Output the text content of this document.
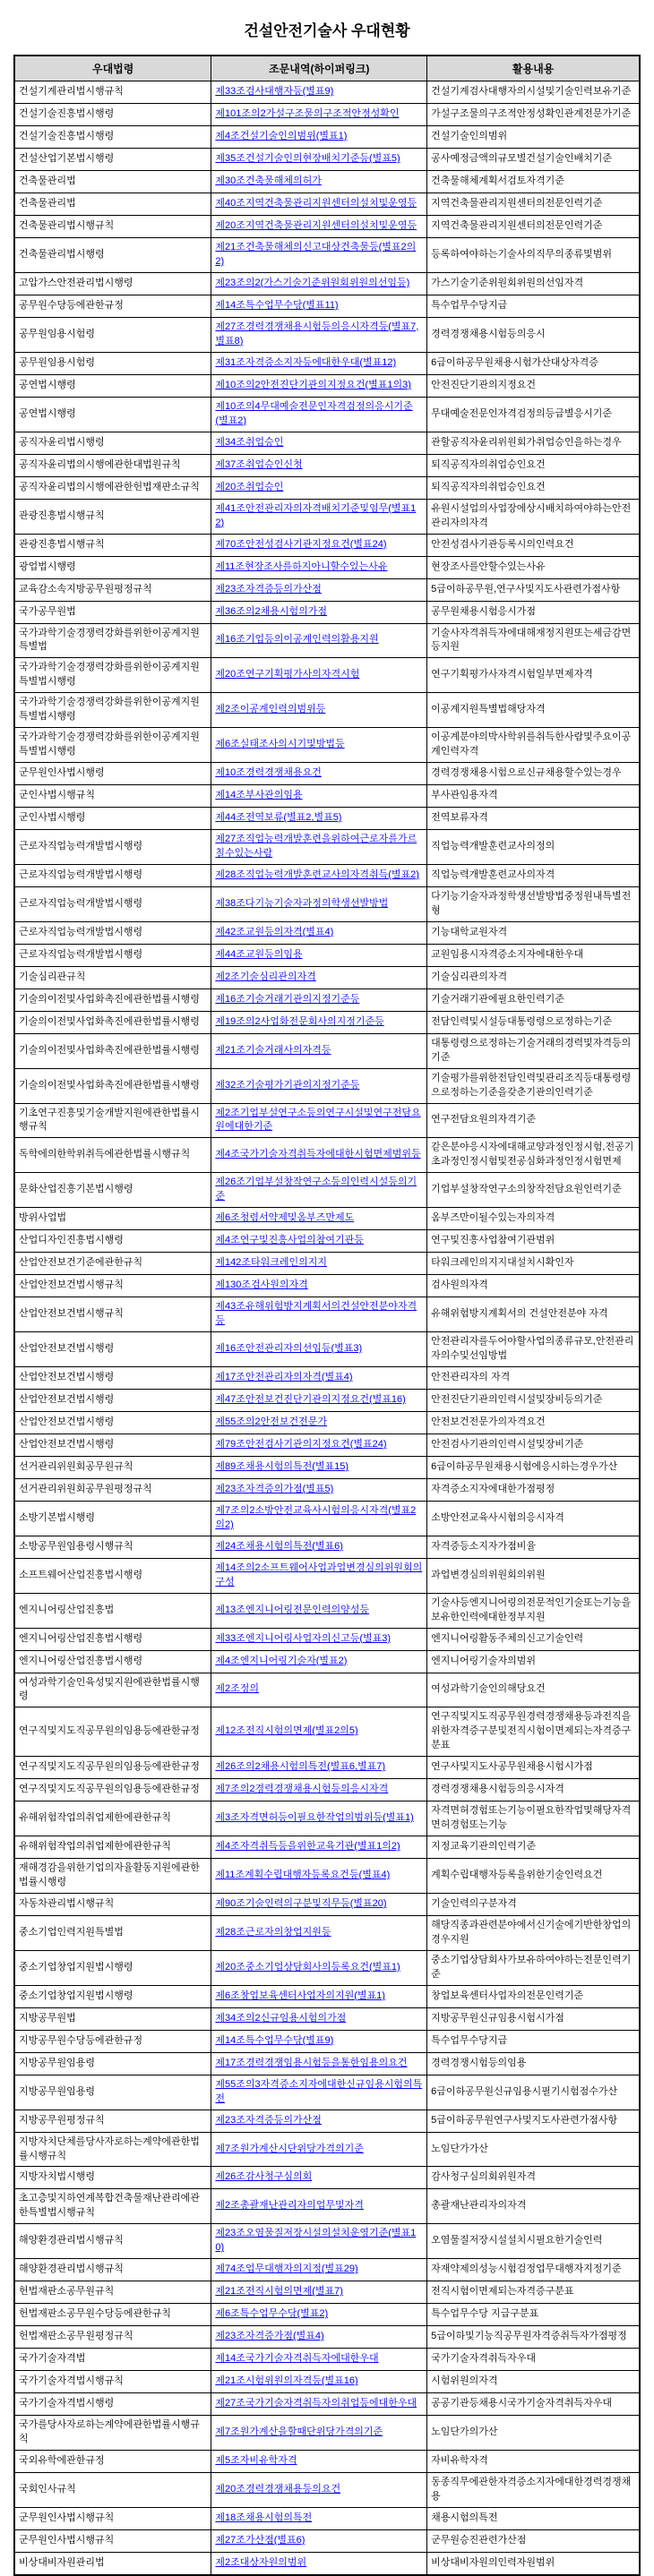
건설안전기술사 우대현황
우대법령	조문내역(하이퍼링크)	활용내용
건설기계관리법시행규칙	제33조검사대행자등(별표9)	건설기계검사대행자의시설및기술인력보유기준
건설기술진흥법시행령	제101조의2가설구조물의구조적안정성확인	가설구조물의구조적안정성확인관계전문가기준
건설기술진흥법시행령	제4조건설기술인의범위(별표1)	건설기술인의범위
건설산업기본법시행령	제35조건설기술인의현장배치기준등(별표5)	공사예정금액의규모별건설기술인배치기준
건축물관리법	제30조건축물해체의허가	건축물해체계획서검토자격기준
건축물관리법	제40조지역건축물관리지원센터의설치및운영등	지역건축물관리지원센터의전문인력기준
건축물관리법시행규칙	제20조지역건축물관리지원센터의설치및운영등	지역건축물관리지원센터의전문인력기준
건축물관리법시행령	제21조건축물해체의신고대상건축물등(별표2의2)	등록하여야하는기술사의직무의종류및범위
고압가스안전관리법시행령	제23조의2(가스기술기준위원회위원의선임등)	가스기술기준위원회위원의선임자격
공무원수당등에관한규정	제14조특수업무수당(별표11)	특수업무수당지급
공무원임용시험령	제27조경력경쟁채용시험등의응시자격등(별표7,별표8)	경력경쟁채용시험등의응시
공무원임용시험령	제31조자격증소지자등에대한우대(별표12)	6급이하공무원채용시험가산대상자격증
공연법시행령	제10조의2안전진단기관의지정요건(별표1의3)	안전진단기관의지정요건
공연법시행령	제10조의4무대예술전문인자격검정의응시기준(별표2)	무대예술전문인자격검정의등급별응시기준
공직자윤리법시행령	제34조취업승인	관할공직자윤리위원회가취업승인을하는경우
공직자윤리법의시행에관한대법원규칙	제37조취업승인신청	퇴직공직자의취업승인요건
공직자윤리법의시행에관한헌법재판소규칙	제20조취업승인	퇴직공직자의취업승인요건
관광진흥법시행규칙	제41조안전관리자의자격배치기준및임무(별표12)	유원시설업의사업장에상시배치하여야하는안전관리자의자격
관광진흥법시행규칙	제70조안전성검사기관지정요건(별표24)	안전성검사기관등록시의인력요건
광업법시행령	제11조현장조사를하지아니할수있는사유	현장조사를안할수있는사유
교육감소속지방공무원평정규칙	제23조자격증등의가산점	5급이하공무원,연구사및지도사관련가점사항
국가공무원법	제36조의2채용시험의가점	공무원채용시험응시가점
국가과학기술경쟁력강화를위한이공계지원특별법	제16조기업등의이공계인력의활용지원	기술사자격취득자에대해재정지원또는세금감면등지원
국가과학기술경쟁력강화를위한이공계지원특별법시행령	제20조연구기획평가사의자격시험	연구기획평가사자격시험일부면제자격
국가과학기술경쟁력강화를위한이공계지원특별법시행령	제2조이공계인력의범위등	이공계지원특별법해당자격
국가과학기술경쟁력강화를위한이공계지원특별법시행령	제6조실태조사의시기및방법등	이공계분야의박사학위를취득한사람및주요이공계인력자격
군무원인사법시행령	제10조경력경쟁채용요건	경력경쟁채용시험으로신규채용할수있는경우
군인사법시행규칙	제14조부사관의임용	부사관임용자격
군인사법시행령	제44조전역보류(별표2,별표5)	전역보류자격
근로자직업능력개발법시행령	제27조직업능력개발훈련을위하여근로자를가르칠수있는사람	직업능력개발훈련교사의정의
근로자직업능력개발법시행령	제28조직업능력개발훈련교사의자격취득(별표2)	직업능력개발훈련교사의자격
근로자직업능력개발법시행령	제38조다기능기술자과정의학생선발방법	다기능기술자과정학생선발방법중정원내특별전형
근로자직업능력개발법시행령	제42조교원등의자격(별표4)	기능대학교원자격
근로자직업능력개발법시행령	제44조교원등의임용	교원임용시자격증소지자에대한우대
기술심리관규칙	제2조기술심리관의자격	기술심리관의자격
기술의이전및사업화촉진에관한법률시행령	제16조기술거래기관의지정기준등	기술거래기관에필요한인력기준
기술의이전및사업화촉진에관한법률시행령	제19조의2사업화전문회사의지정기준등	전담인력및시설등대통령령으로정하는기준
기술의이전및사업화촉진에관한법률시행령	제21조기술거래사의자격등	대통령령으로정하는기술거래의경력및자격등의기준
기술의이전및사업화촉진에관한법률시행령	제32조기술평가기관의지정기준등	기술평가를위한전담인력및관리조직등대통령령으로정하는기준을갖춘기관의인력기준
기초연구진흥및기술개발지원에관한법률시행규칙	제2조기업부설연구소등의연구시설및연구전담요원에대한기준	연구전담요원의자격기준
독학에의한학위취득에관한법률시행규칙	제4조국가기술자격취득자에대한시험면제범위등	같은분야응시자에대해교양과정인정시험,전공기초과정인정시험및전공심화과정인정시험면제
문화산업진흥기본법시행령	제26조기업부설창작연구소등의인력시설등의기준	기업부설창작연구소의창작전담요원인력기준
방위사업법	제6조청렴서약제및옴부즈만제도	옴부즈만이될수있는자의자격
산업디자인진흥법시행령	제4조연구및진흥사업의참여기관등	연구및진흥사업참여기관범위
산업안전보건기준에관한규칙	제142조타워크레인의지지	타워크레인의지지대설치시확인자
산업안전보건법시행규칙	제130조검사원의자격	검사원의자격
산업안전보건법시행규칙	제43조유해위험방지계획서의건설안전분야자격등	유해위험방지계획서의 건설안전분야 자격
산업안전보건법시행령	제16조안전관리자의선임등(별표3)	안전관리자를두어야할사업의종류규모,안전관리자의수및선임방법
산업안전보건법시행령	제17조안전관리자의자격(별표4)	안전관리자의 자격
산업안전보건법시행령	제47조안전보건진단기관의지정요건(별표16)	안전진단기관의인력시설및장비등의기준
산업안전보건법시행령	제55조의2안전보건전문가	안전보건전문가의자격요건
산업안전보건법시행령	제79조안전검사기관의지정요건(별표24)	안전검사기관의인력시설및장비기준
선거관리위원회공무원규칙	제89조채용시험의특전(별표15)	6급이하공무원채용시험에응시하는경우가산
선거관리위원회공무원평정규칙	제23조자격증의가점(별표5)	자격증소지자에대한가점평정
소방기본법시행령	제7조의2소방안전교육사시험의응시자격(별표2의2)	소방안전교육사시험의응시자격
소방공무원임용령시행규칙	제24조채용시험의특전(별표6)	자격증등소지자가점비율
소프트웨어산업진흥법시행령	제14조의2소프트웨어사업과업변경심의위원회의구성	과업변경심의위원회의위원
엔지니어링산업진흥법	제13조엔지니어링전문인력의양성등	기술사등엔지니어링의전문적인기술또는기능을보유한인력에대한정부지원
엔지니어링산업진흥법시행령	제33조엔지니어링사업자의신고등(별표3)	엔지니어링활동주체의신고기술인력
엔지니어링산업진흥법시행령	제4조엔지니어링기술자(별표2)	엔지니어링기술자의범위
여성과학기술인육성및지원에관한법률시행령	제2조정의	여성과학기술인의해당요건
연구직및지도직공무원의임용등에관한규정	제12조전직시험의면제(별표2의5)	연구직및지도직공무원경력경쟁채용등과전직을위한자격증구분및전직시험이면제되는자격증구분표
연구직및지도직공무원의임용등에관한규정	제26조의2채용시험의특전(별표6,별표7)	연구사및지도사공무원채용시험시가점
연구직및지도직공무원의임용등에관한규정	제7조의2경력경쟁채용시험등의응시자격	경력경쟁채용시험등의응시자격
유해위험작업의취업제한에관한규칙	제3조자격면허등이필요한작업의범위등(별표1)	자격면허경험또는기능이필요한작업및해당자격면허경험또는기능
유해위험작업의취업제한에관한규칙	제4조자격취득등을위한교육기관(별표1의2)	지정교육기관의인력기준
재해경감을위한기업의자율활동지원에관한법률시행령	제11조계획수립대행자등록요건등(별표4)	계획수립대행자등록을위한기술인력요건
자동차관리법시행규칙	제90조기술인력의구분및직무등(별표20)	기술인력의구분자격
중소기업인력지원특별법	제28조근로자의창업지원등	해당직종과관련분야에서신기술에기반한창업의경우지원
중소기업창업지원법시행령	제20조중소기업상담회사의등록요건(별표1)	중소기업상담회사가보유하여야하는전문인력기준
중소기업창업지원법시행령	제6조창업보육센터사업자의지원(별표1)	창업보육센터사업자의전문인력기준
지방공무원법	제34조의2신규임용시험의가점	지방공무원신규임용시험시가점
지방공무원수당등에관한규정	제14조특수업무수당(별표9)	특수업무수당지급
지방공무원임용령	제17조경력경쟁임용시험등을통한임용의요건	경력경쟁시험등의임용
지방공무원임용령	제55조의3자격증소지자에대한신규임용시험의특전	6급이하공무원신규임용시필기시험점수가산
지방공무원평정규칙	제23조자격증등의가산점	5급이하공무원연구사및지도사관련가점사항
지방자치단체를당사자로하는계약에관한법률시행규칙	제7조원가계산시단위당가격의기준	노임단가가산
지방자치법시행령	제26조감사청구심의회	감사청구심의회위원자격
초고층및지하연계복합건축물재난관리에관한특별법시행규칙	제2조총괄재난관리자의업무및자격	총괄재난관리자의자격
해양환경관리법시행규칙	제23조오염물질저장시설의설치운영기준(별표10)	오염물질저장시설설치시필요한기술인력
해양환경관리법시행규칙	제74조업무대행자의지정(별표29)	자재약제의성능시험검정업무대행자지정기준
헌법재판소공무원규칙	제21조전직시험의면제(별표7)	전직시험이면제되는자격증구분표
헌법재판소공무원수당등에관한규칙	제6조특수업무수당(별표2)	특수업무수당 지급구분표
헌법재판소공무원평정규칙	제23조자격증가점(별표4)	5급이하및기능직공무원자격증취득자가점평정
국가기술자격법	제14조국가기술자격취득자에대한우대	국가기술자격취득자우대
국가기술자격법시행규칙	제21조시험위원의자격등(별표16)	시험위원의자격
국가기술자격법시행령	제27조국가기술자격취득자의취업등에대한우대	공공기관등채용시국가기술자격취득자우대
국가를당사자로하는계약에관한법률시행규칙	제7조원가계산을할때단위당가격의기준	노임단가의가산
국외유학에관한규정	제5조자비유학자격	자비유학자격
국회인사규칙	제20조경력경쟁채용등의요건	동종직무에관한자격증소지자에대한경력경쟁채용
군무원인사법시행규칙	제18조채용시험의특전	채용시험의특전
군무원인사법시행규칙	제27조가산점(별표6)	군무원승진관련가산점
비상대비자원관리법	제2조대상자원의범위	비상대비자원의인력자원범위
